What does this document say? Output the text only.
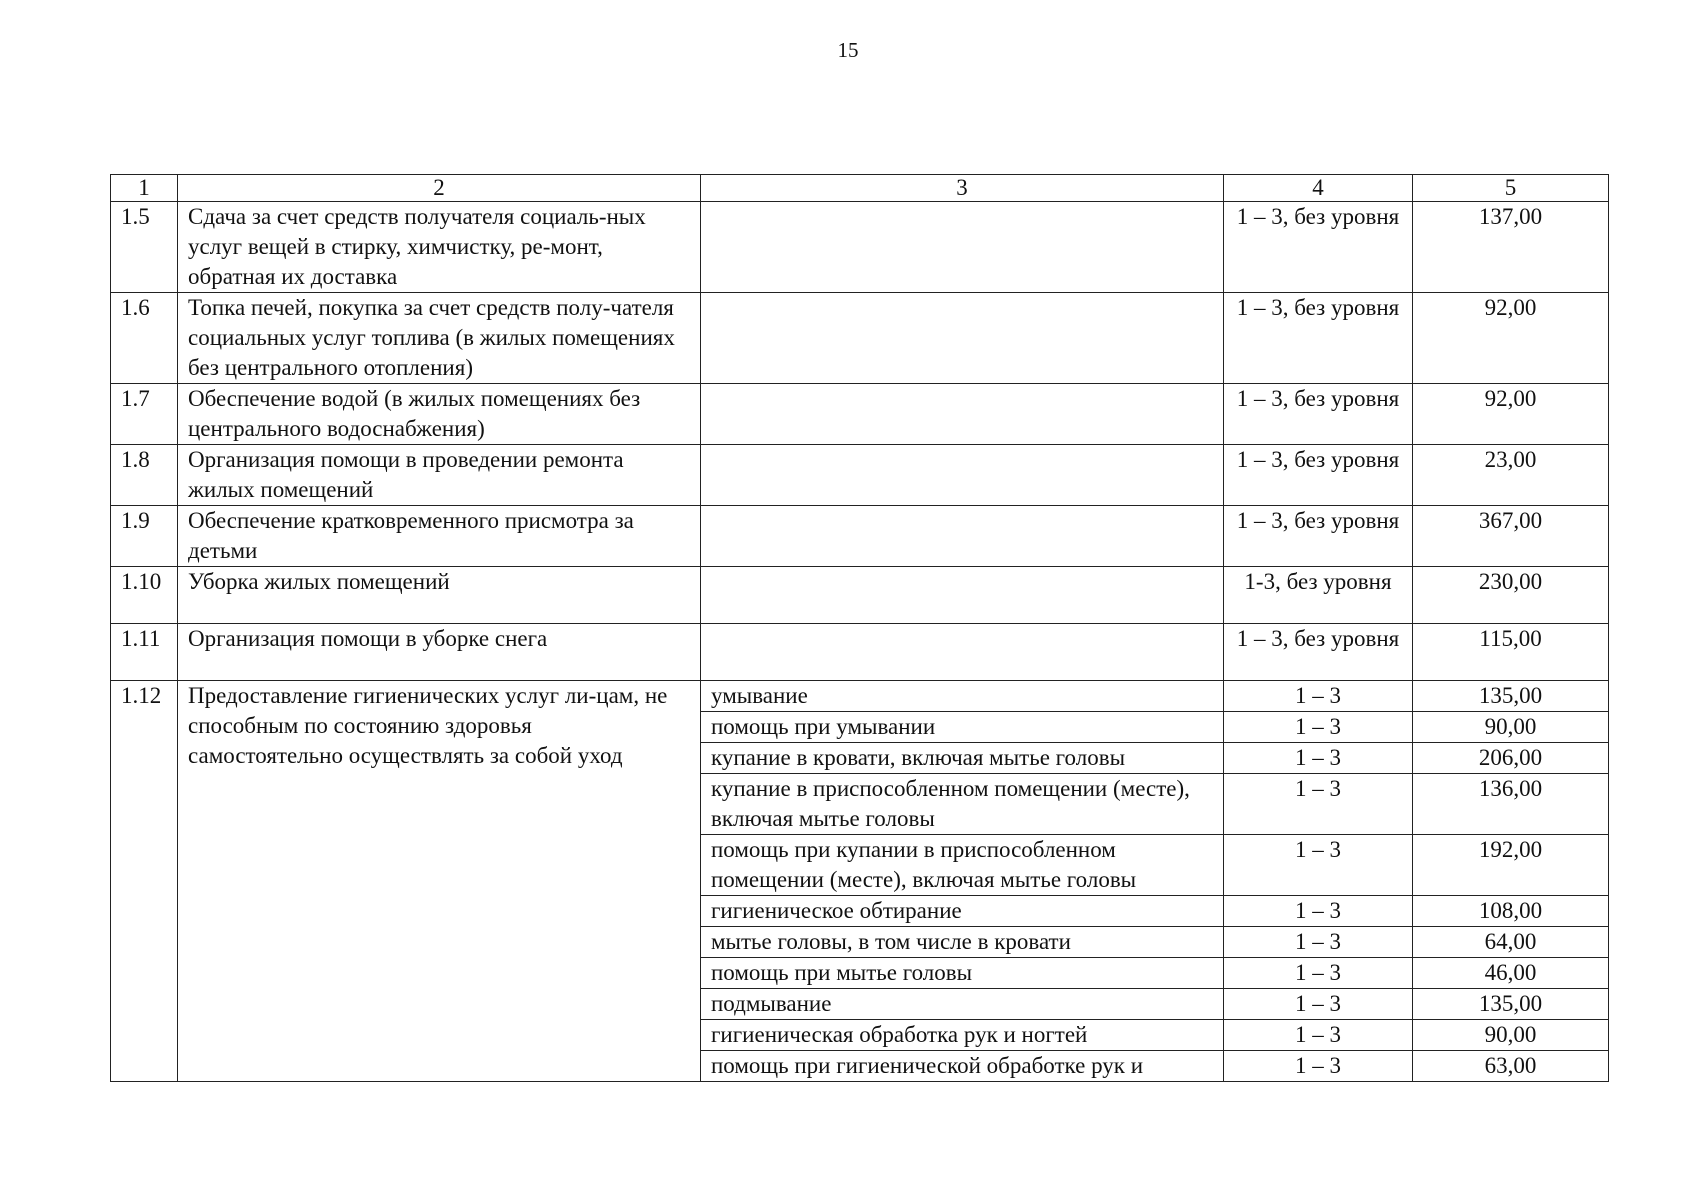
15
1	2	3	4	5
1.5	Сдача за счет средств получателя социаль-ных услуг вещей в стирку, химчистку, ре-монт, обратная их доставка		1 – 3, без уровня	137,00
1.6	Топка печей, покупка за счет средств полу-чателя социальных услуг топлива (в жилых помещениях без центрального отопления)		1 – 3, без уровня	92,00
1.7	Обеспечение водой (в жилых помещениях без центрального водоснабжения)		1 – 3, без уровня	92,00
1.8	Организация помощи в проведении ремонта жилых помещений		1 – 3, без уровня	23,00
1.9	Обеспечение кратковременного присмотра за детьми		1 – 3, без уровня	367,00
1.10	Уборка жилых помещений		1-3, без уровня	230,00
1.11	Организация помощи в уборке снега		1 – 3, без уровня	115,00
1.12	Предоставление гигиенических услуг ли-цам, не способным по состоянию здоровья самостоятельно осуществлять за собой уход	умывание	1 – 3	135,00
		помощь при умывании	1 – 3	90,00
		купание в кровати, включая мытье головы	1 – 3	206,00
		купание в приспособленном помещении (месте), включая мытье головы	1 – 3	136,00
		помощь при купании в приспособленном помещении (месте), включая мытье головы	1 – 3	192,00
		гигиеническое обтирание	1 – 3	108,00
		мытье головы, в том числе в кровати	1 – 3	64,00
		помощь при мытье головы	1 – 3	46,00
		подмывание	1 – 3	135,00
		гигиеническая обработка рук и ногтей	1 – 3	90,00
		помощь при гигиенической обработке рук и	1 – 3	63,00
